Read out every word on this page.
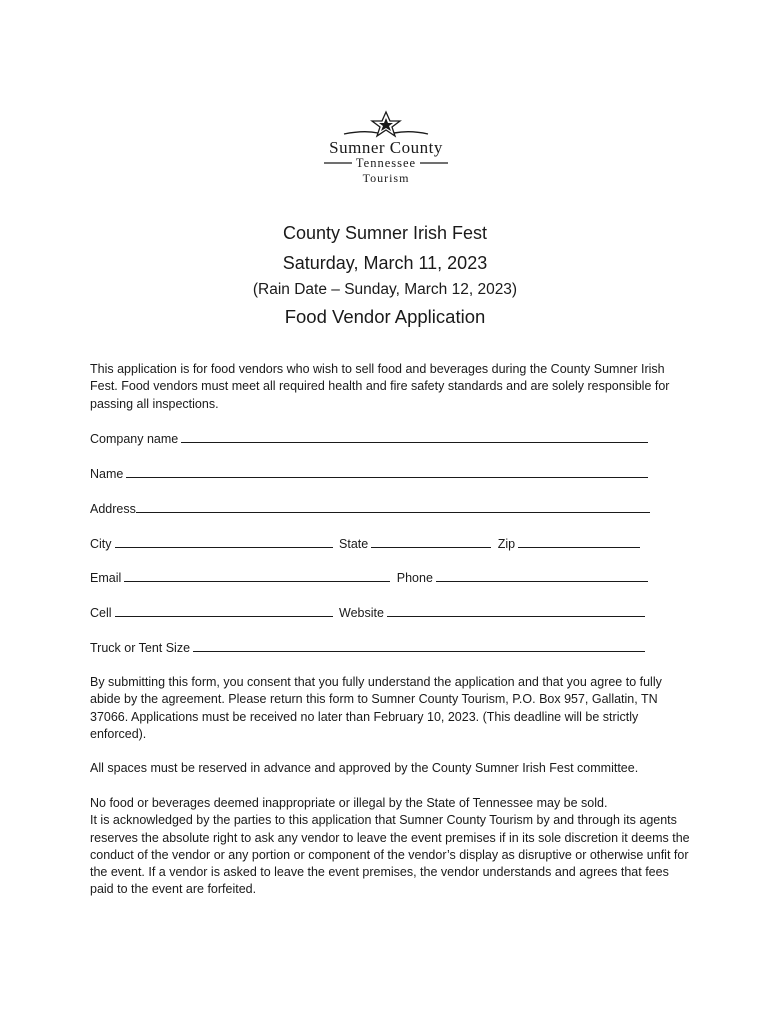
Sumner County
Tennessee
Tourism
County Sumner Irish Fest
Saturday, March 11, 2023
(Rain Date – Sunday, March 12, 2023)
Food Vendor Application
This application is for food vendors who wish to sell food and beverages during the County Sumner Irish Fest. Food vendors must meet all required health and fire safety standards and are solely responsible for passing all inspections.
Company name
Name
Address
City	State	Zip
Email	Phone
Cell	Website
Truck or Tent Size
By submitting this form, you consent that you fully understand the application and that you agree to fully abide by the agreement. Please return this form to Sumner County Tourism, P.O. Box 957, Gallatin, TN 37066. Applications must be received no later than February 10, 2023. (This deadline will be strictly enforced).
All spaces must be reserved in advance and approved by the County Sumner Irish Fest committee.
No food or beverages deemed inappropriate or illegal by the State of Tennessee may be sold.
It is acknowledged by the parties to this application that Sumner County Tourism by and through its agents reserves the absolute right to ask any vendor to leave the event premises if in its sole discretion it deems the conduct of the vendor or any portion or component of the vendor’s display as disruptive or otherwise unfit for the event. If a vendor is asked to leave the event premises, the vendor understands and agrees that fees paid to the event are forfeited.
